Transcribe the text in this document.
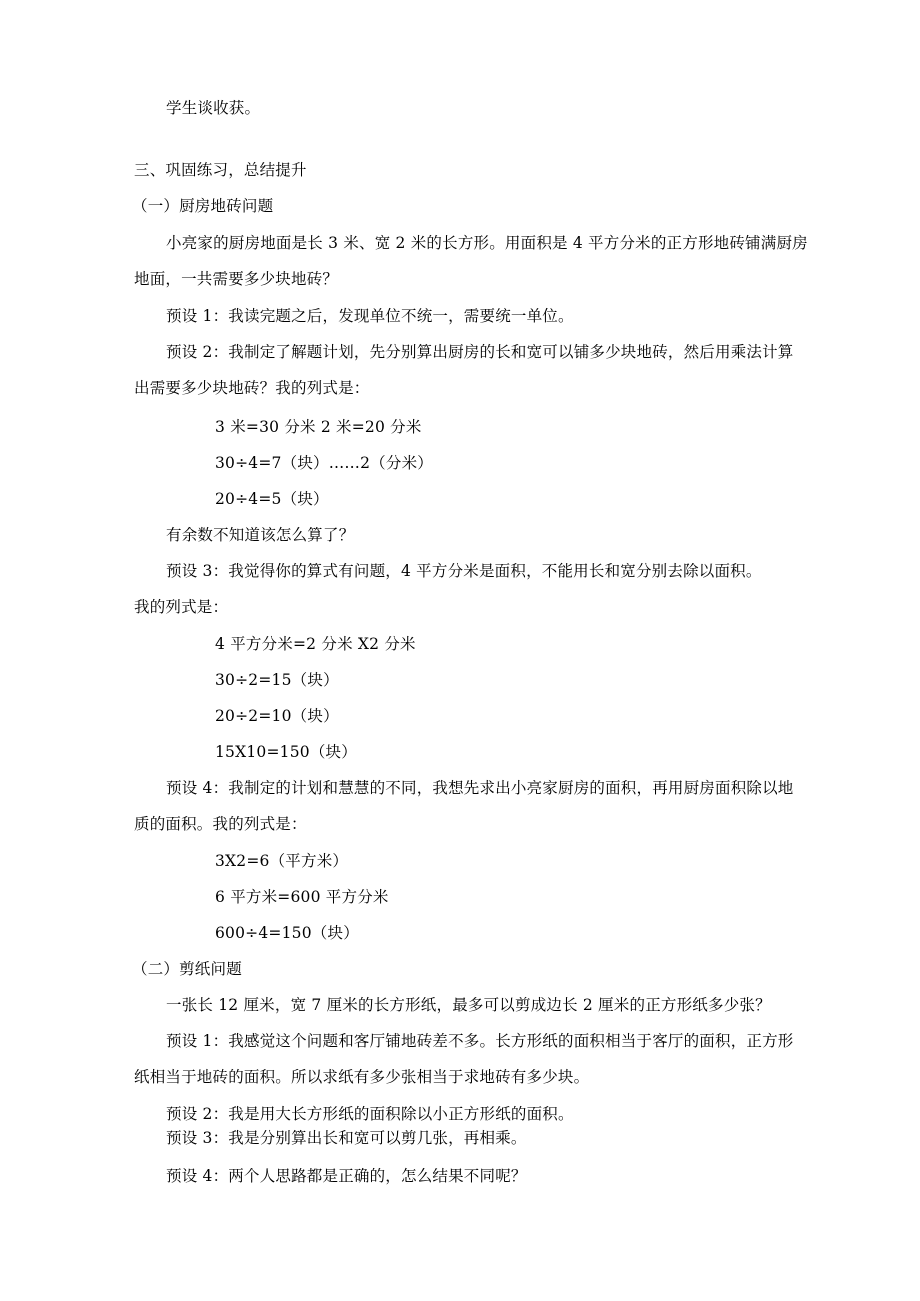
学生谈收获。
三、巩固练习，总结提升
（一）厨房地砖问题
小亮家的厨房地面是长 3 米、宽 2 米的长方形。用面积是 4 平方分米的正方形地砖铺满厨房
地面，一共需要多少块地砖？
预设 1：我读完题之后，发现单位不统一，需要统一单位。
预设 2：我制定了解题计划，先分别算出厨房的长和宽可以铺多少块地砖，然后用乘法计算
出需要多少块地砖？我的列式是：
3 米=30 分米 2 米=20 分米
30÷4=7（块）……2（分米）
20÷4=5（块）
有余数不知道该怎么算了？
预设 3：我觉得你的算式有问题，4 平方分米是面积，不能用长和宽分别去除以面积。
我的列式是：
4 平方分米=2 分米 X2 分米
30÷2=15（块）
20÷2=10（块）
15X10=150（块）
预设 4：我制定的计划和慧慧的不同，我想先求出小亮家厨房的面积，再用厨房面积除以地
质的面积。我的列式是：
3X2=6（平方米）
6 平方米=600 平方分米
600÷4=150（块）
（二）剪纸问题
一张长 12 厘米，宽 7 厘米的长方形纸，最多可以剪成边长 2 厘米的正方形纸多少张？
预设 1：我感觉这个问题和客厅铺地砖差不多。长方形纸的面积相当于客厅的面积，正方形
纸相当于地砖的面积。所以求纸有多少张相当于求地砖有多少块。
预设 2：我是用大长方形纸的面积除以小正方形纸的面积。
预设 3：我是分别算出长和宽可以剪几张，再相乘。
预设 4：两个人思路都是正确的，怎么结果不同呢？
